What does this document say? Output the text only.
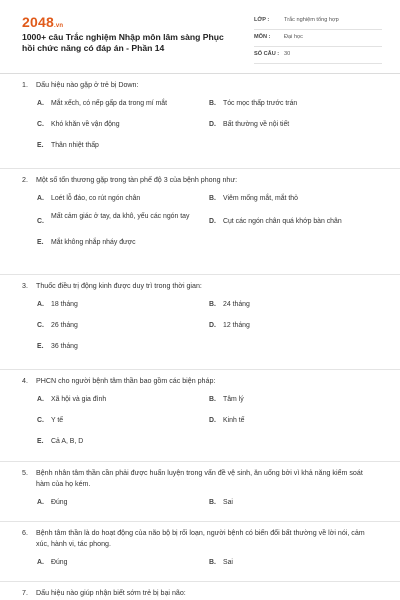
2048.vn
1000+ câu Trắc nghiệm Nhập môn lâm sàng Phục hồi chức năng có đáp án - Phần 14
LỚP :	Trắc nghiệm tổng hợp
MÔN : Đại học
SỐ CÂU : 30
1. Dấu hiệu nào gặp ở trẻ bị Down:
A. Mắt xếch, có nếp gấp da trong mí mắt	B. Tóc mọc thấp trước trán
C. Khó khăn về vận động	D. Bất thường về nội tiết
E. Thân nhiệt thấp
2. Một số tổn thương gặp trong tàn phế độ 3 của bệnh phong như:
A. Loét lỗ đáo, co rút ngón chân	B. Viêm mống mắt, mắt thỏ
C.
Mất cảm giác ở tay, da khô, yếu các ngón tay
D. Cụt các ngón chân quá khớp bàn chân
E. Mắt không nhắp nháy được
3. Thuốc điều trị động kinh được duy trì trong thời gian:
A. 18 tháng	B. 24 tháng
C. 26 tháng	D. 12 tháng
E. 36 tháng
4. PHCN cho người bệnh tâm thần bao gồm các biện pháp:
A. Xã hội và gia đình	B. Tâm lý
C. Y tế	D. Kinh tế
E. Cả A, B, D
5. Bệnh nhân tâm thần cần phải được huấn luyện trong vấn đề vệ sinh, ăn uống bởi vì khả năng kiểm soát hàm của họ kém.
A. Đúng	B. Sai
6. Bệnh tâm thần là do hoạt động của não bộ bị rối loạn, người bệnh có biến đổi bất thường về lời nói, cảm xúc, hành vi, tác phong.
A. Đúng	B. Sai
7. Dấu hiệu nào giúp nhận biết sớm trẻ bị bại não:
